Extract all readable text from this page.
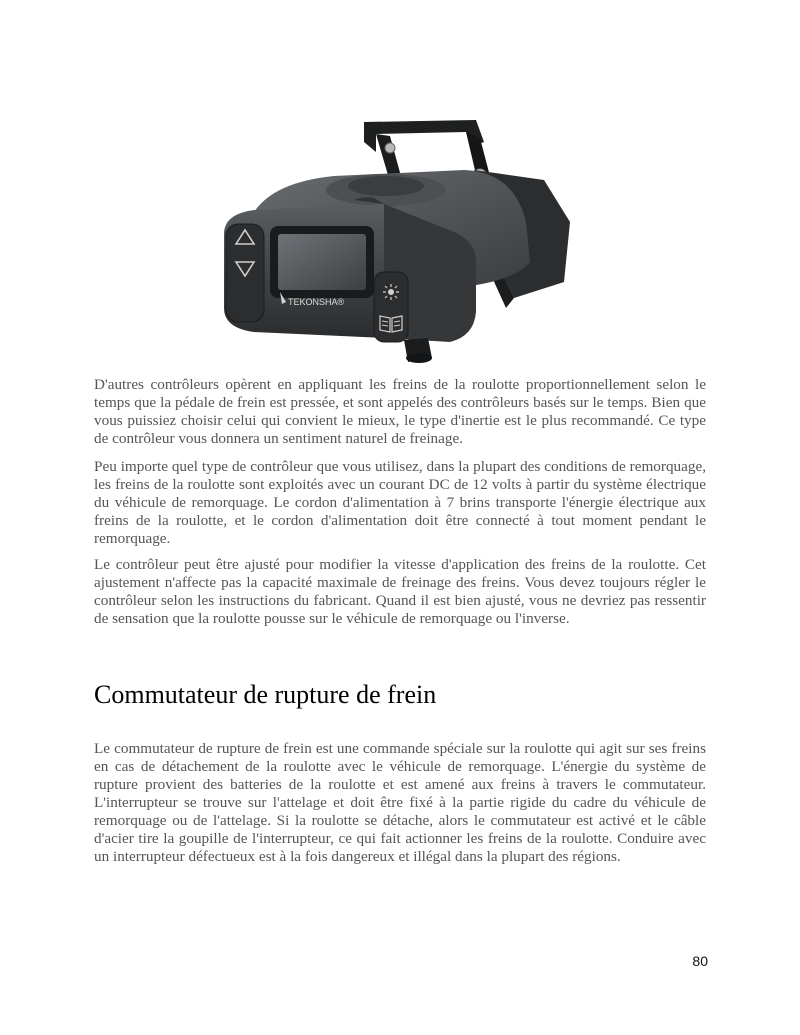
TEKONSHA®

D'autres contrôleurs opèrent en appliquant les freins de la roulotte proportionnellement selon le temps que la pédale de frein est pressée, et sont appelés des contrôleurs basés sur le temps. Bien que vous puissiez choisir celui qui convient le mieux, le type d'inertie est le plus recommandé. Ce type de contrôleur vous donnera un sentiment naturel de freinage.

Peu importe quel type de contrôleur que vous utilisez, dans la plupart des conditions de remorquage, les freins de la roulotte sont exploités avec un courant DC de 12 volts à partir du système électrique du véhicule de remorquage. Le cordon d'alimentation à 7 brins transporte l'énergie électrique aux freins de la roulotte, et le cordon d'alimentation doit être connecté à tout moment pendant le remorquage.

Le contrôleur peut être ajusté pour modifier la vitesse d'application des freins de la roulotte. Cet ajustement n'affecte pas la capacité maximale de freinage des freins. Vous devez toujours régler le contrôleur selon les instructions du fabricant. Quand il est bien ajusté, vous ne devriez pas ressentir de sensation que la roulotte pousse sur le véhicule de remorquage ou l'inverse.

Commutateur de rupture de frein

Le commutateur de rupture de frein est une commande spéciale sur la roulotte qui agit sur ses freins en cas de détachement de la roulotte avec le véhicule de remorquage. L'énergie du système de rupture provient des batteries de la roulotte et est amené aux freins à travers le commutateur. L'interrupteur se trouve sur l'attelage et doit être fixé à la partie rigide du cadre du véhicule de remorquage ou de l'attelage. Si la roulotte se détache, alors le commutateur est activé et le câble d'acier tire la goupille de l'interrupteur, ce qui fait actionner les freins de la roulotte. Conduire avec un interrupteur défectueux est à la fois dangereux et illégal dans la plupart des régions.

80
